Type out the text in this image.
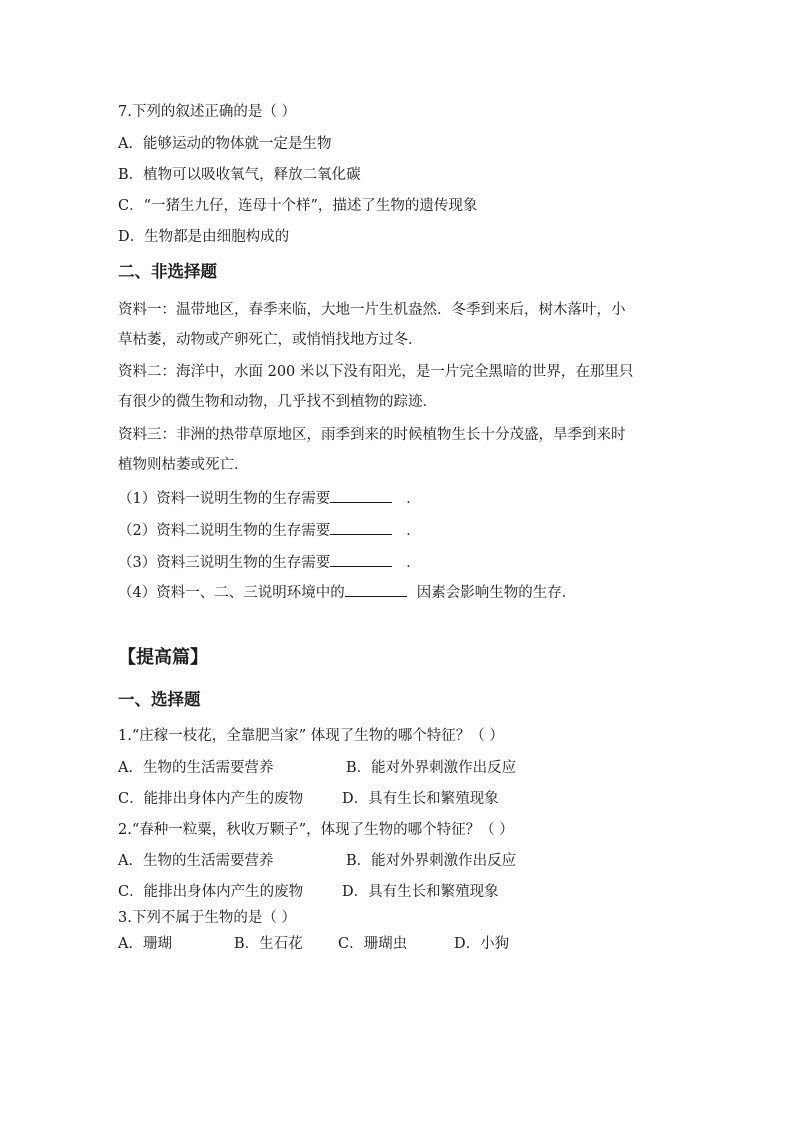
7.下列的叙述正确的是（ ）
A．能够运动的物体就一定是生物
B．植物可以吸收氧气，释放二氧化碳
C．“一猪生九仔，连母十个样”，描述了生物的遗传现象
D．生物都是由细胞构成的
二、非选择题
资料一：温带地区，春季来临，大地一片生机盎然．冬季到来后，树木落叶，小
草枯萎，动物或产卵死亡，或悄悄找地方过冬．
资料二：海洋中，水面 200 米以下没有阳光，是一片完全黑暗的世界，在那里只
有很少的微生物和动物，几乎找不到植物的踪迹．
资料三：非洲的热带草原地区，雨季到来的时候植物生长十分茂盛，旱季到来时
植物则枯萎或死亡．
（1）资料一说明生物的生存需要	．
（2）资料二说明生物的生存需要	．
（3）资料三说明生物的生存需要	．
（4）资料一、二、三说明环境中的	因素会影响生物的生存．
【提高篇】
一、选择题
1.“庄稼一枝花，全靠肥当家” 体现了生物的哪个特征？（ ）
A．生物的生活需要营养	B．能对外界刺激作出反应
C．能排出身体内产生的废物	D．具有生长和繁殖现象
2.“春种一粒粟，秋收万颗子”，体现了生物的哪个特征？（ ）
A．生物的生活需要营养	B．能对外界刺激作出反应
C．能排出身体内产生的废物	D．具有生长和繁殖现象
3.下列不属于生物的是（ ）
A．珊瑚	B．生石花 C．珊瑚虫	D．小狗
